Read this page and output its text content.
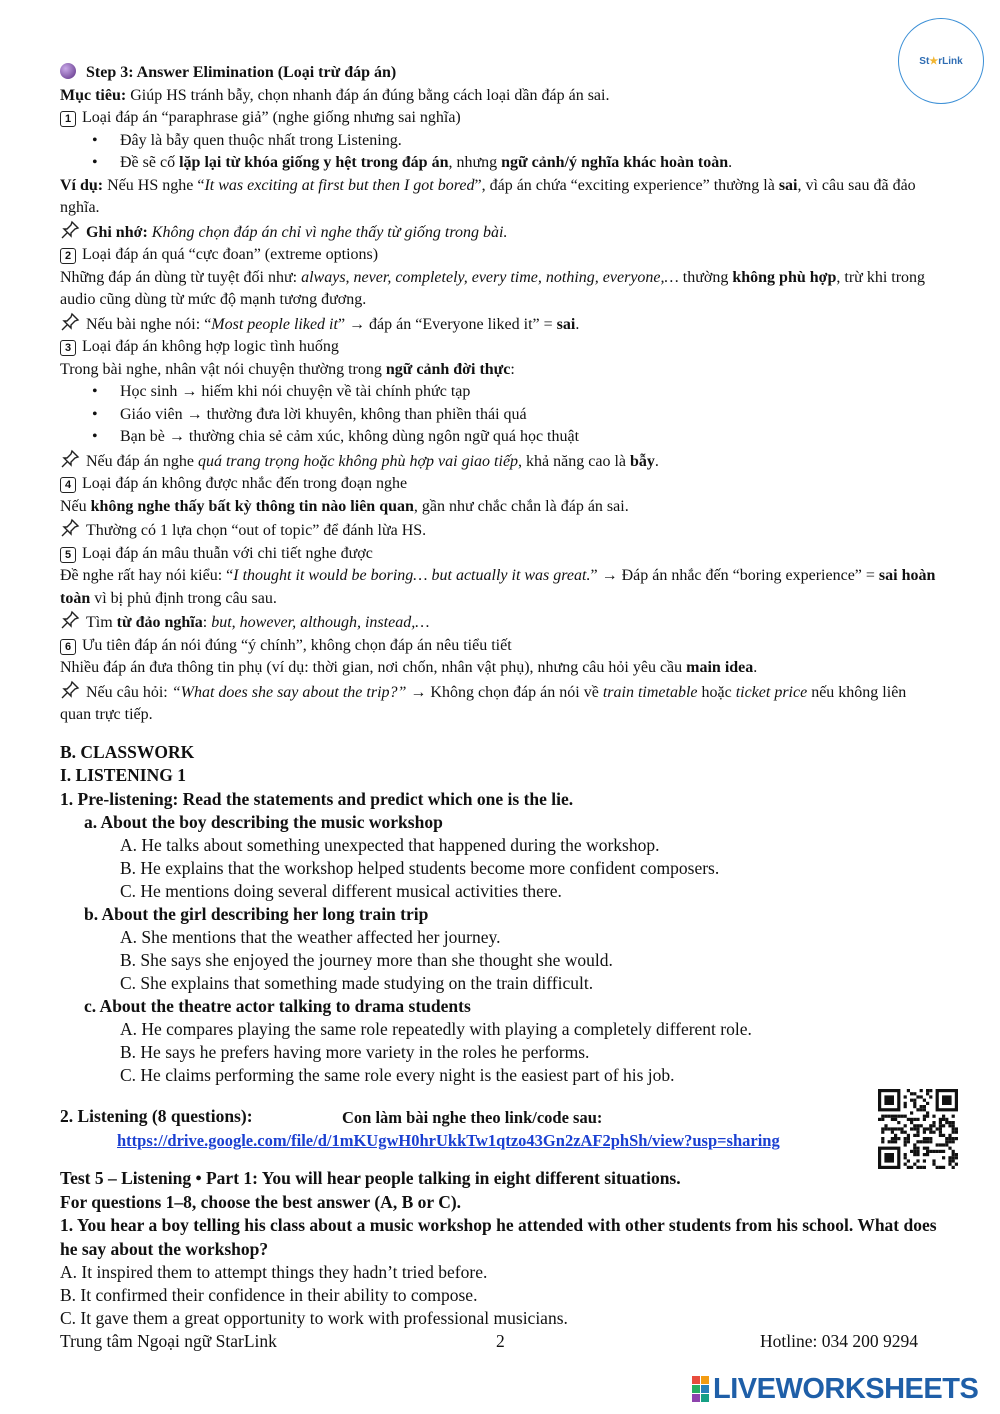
St ★ rLink

Step 3: Answer Elimination (Loại trừ đáp án)

Mục tiêu: Giúp HS tránh bẫy, chọn nhanh đáp án đúng bằng cách loại dần đáp án sai.

1 Loại đáp án “paraphrase giả” (nghe giống nhưng sai nghĩa)

• Đây là bẫy quen thuộc nhất trong Listening.
• Đề sẽ cố lặp lại từ khóa giống y hệt trong đáp án, nhưng ngữ cảnh/ý nghĩa khác hoàn toàn.

Ví dụ: Nếu HS nghe “It was exciting at first but then I got bored”, đáp án chứa “exciting experience” thường là sai, vì câu sau đã đảo nghĩa.

Ghi nhớ: Không chọn đáp án chỉ vì nghe thấy từ giống trong bài.

2 Loại đáp án quá “cực đoan” (extreme options)

Những đáp án dùng từ tuyệt đối như: always, never, completely, every time, nothing, everyone,… thường không phù hợp, trừ khi trong audio cũng dùng từ mức độ mạnh tương đương.

Nếu bài nghe nói: “Most people liked it” → đáp án “Everyone liked it” = sai.

3 Loại đáp án không hợp logic tình huống

Trong bài nghe, nhân vật nói chuyện thường trong ngữ cảnh đời thực:

• Học sinh → hiếm khi nói chuyện về tài chính phức tạp
• Giáo viên → thường đưa lời khuyên, không than phiền thái quá
• Bạn bè → thường chia sẻ cảm xúc, không dùng ngôn ngữ quá học thuật

Nếu đáp án nghe quá trang trọng hoặc không phù hợp vai giao tiếp, khả năng cao là bẫy.

4 Loại đáp án không được nhắc đến trong đoạn nghe

Nếu không nghe thấy bất kỳ thông tin nào liên quan, gần như chắc chắn là đáp án sai.

Thường có 1 lựa chọn “out of topic” để đánh lừa HS.

5 Loại đáp án mâu thuẫn với chi tiết nghe được

Đề nghe rất hay nói kiểu: “I thought it would be boring… but actually it was great.” → Đáp án nhắc đến “boring experience” = sai hoàn toàn vì bị phủ định trong câu sau.

Tìm từ đảo nghĩa: but, however, although, instead,…

6 Ưu tiên đáp án nói đúng “ý chính”, không chọn đáp án nêu tiểu tiết

Nhiều đáp án đưa thông tin phụ (ví dụ: thời gian, nơi chốn, nhân vật phụ), nhưng câu hỏi yêu cầu main idea.

Nếu câu hỏi: “What does she say about the trip?” → Không chọn đáp án nói về train timetable hoặc ticket price nếu không liên quan trực tiếp.

B. CLASSWORK

I. LISTENING 1

1. Pre-listening: Read the statements and predict which one is the lie.

a. About the boy describing the music workshop

A. He talks about something unexpected that happened during the workshop.

B. He explains that the workshop helped students become more confident composers.

C. He mentions doing several different musical activities there.

b. About the girl describing her long train trip

A. She mentions that the weather affected her journey.

B. She says she enjoyed the journey more than she thought she would.

C. She explains that something made studying on the train difficult.

c. About the theatre actor talking to drama students

A. He compares playing the same role repeatedly with playing a completely different role.

B. He says he prefers having more variety in the roles he performs.

C. He claims performing the same role every night is the easiest part of his job.

2. Listening (8 questions):	Con làm bài nghe theo link/code sau:
https://drive.google.com/file/d/1mKUgwH0hrUkkTw1qtzo43Gn2zAF2phSh/view?usp=sharing

Test 5 – Listening • Part 1: You will hear people talking in eight different situations.

For questions 1–8, choose the best answer (A, B or C).

1. You hear a boy telling his class about a music workshop he attended with other students from his school. What does he say about the workshop?

A. It inspired them to attempt things they hadn’t tried before.

B. It confirmed their confidence in their ability to compose.

C. It gave them a great opportunity to work with professional musicians.

Trung tâm Ngoại ngữ StarLink	2	Hotline: 034 200 9294
LIVEWORKSHEETS
